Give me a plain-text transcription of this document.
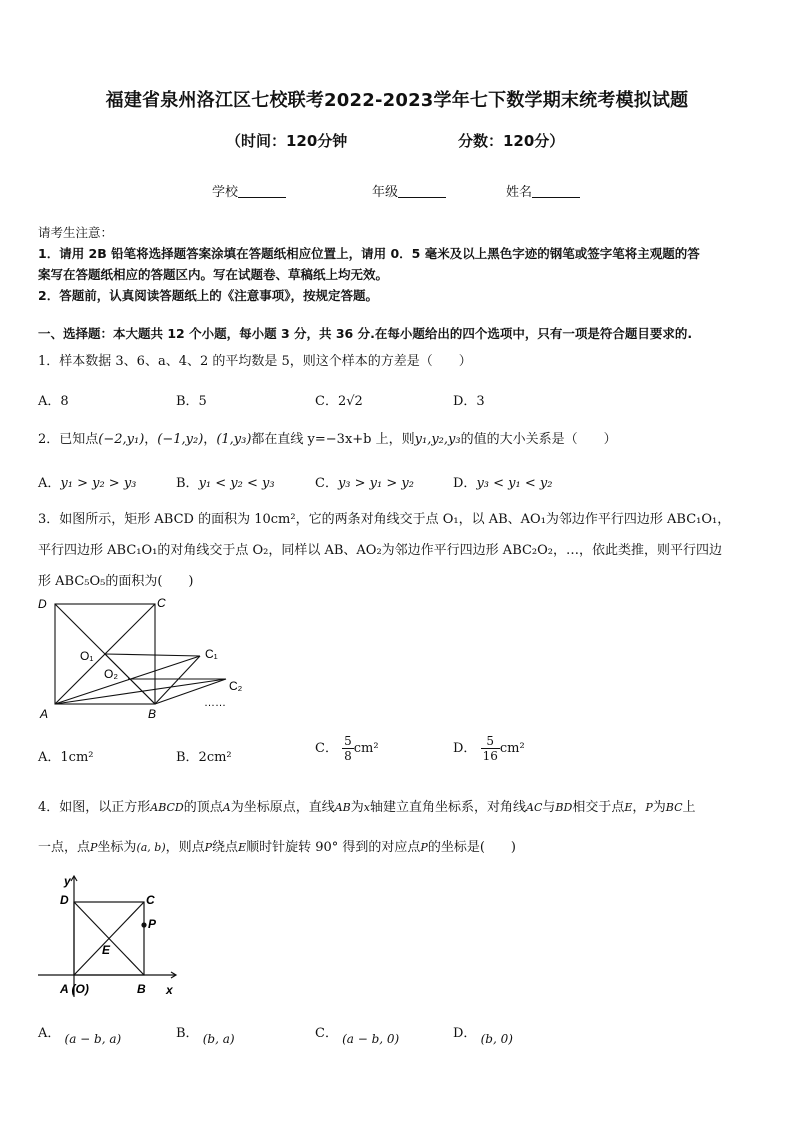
福建省泉州洛江区七校联考2022-2023学年七下数学期末统考模拟试题
（时间：120分钟	分数：120分）
学校	年级	姓名
请考生注意：
1．请用 2B 铅笔将选择题答案涂填在答题纸相应位置上，请用 0．5 毫米及以上黑色字迹的钢笔或签字笔将主观题的答
案写在答题纸相应的答题区内。写在试题卷、草稿纸上均无效。
2．答题前，认真阅读答题纸上的《注意事项》，按规定答题。
一、选择题：本大题共 12 个小题，每小题 3 分，共 36 分.在每小题给出的四个选项中，只有一项是符合题目要求的.
1．样本数据 3、6、a、4、2 的平均数是 5，则这个样本的方差是（　　）
A．8	B．5	C．2√2	D．3
2．已知点(−2,y₁)，(−1,y₂)，(1,y₃)都在直线 y=−3x+b 上，则y₁,y₂,y₃的值的大小关系是（　　）
A．y₁ > y₂ > y₃	B．y₁ < y₂ < y₃	C．y₃ > y₁ > y₂	D．y₃ < y₁ < y₂
3．如图所示，矩形 ABCD 的面积为 10cm²，它的两条对角线交于点 O₁，以 AB、AO₁为邻边作平行四边形 ABC₁O₁，
平行四边形 ABC₁O₁的对角线交于点 O₂，同样以 AB、AO₂为邻边作平行四边形 ABC₂O₂，…，依此类推，则平行四边
形 ABC₅O₅的面积为(　　)
D	C
A	B
O₁
O₂
C₁
C₂
……
A．1cm²	B．2cm²
C． $\frac{5}{8} cm^2$	D． $\frac{5}{16} cm^2$
4．如图，以正方形ABCD的顶点A为坐标原点，直线AB为x轴建立直角坐标系，对角线AC与BD相交于点E，P为BC上
一点，点P坐标为(a, b)，则点P绕点E顺时针旋转 90° 得到的对应点P的坐标是(　　)
y
x
D	C
P
E
A (O)	B
A． (a − b, a)	B． (b, a)	C． (a − b, 0)	D． (b, 0)
